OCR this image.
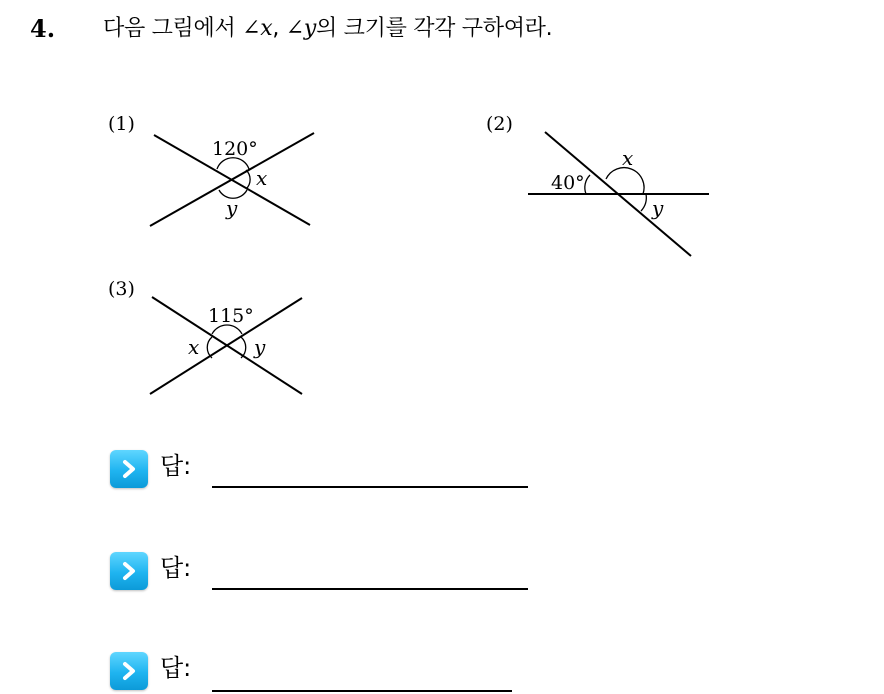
4. 다음 그림에서 ∠x, ∠y의 크기를 각각 구하여라.
(1)
120°
x
y
(2)
40°
x
y
(3)
115°
x	y
답:
답:
답:
